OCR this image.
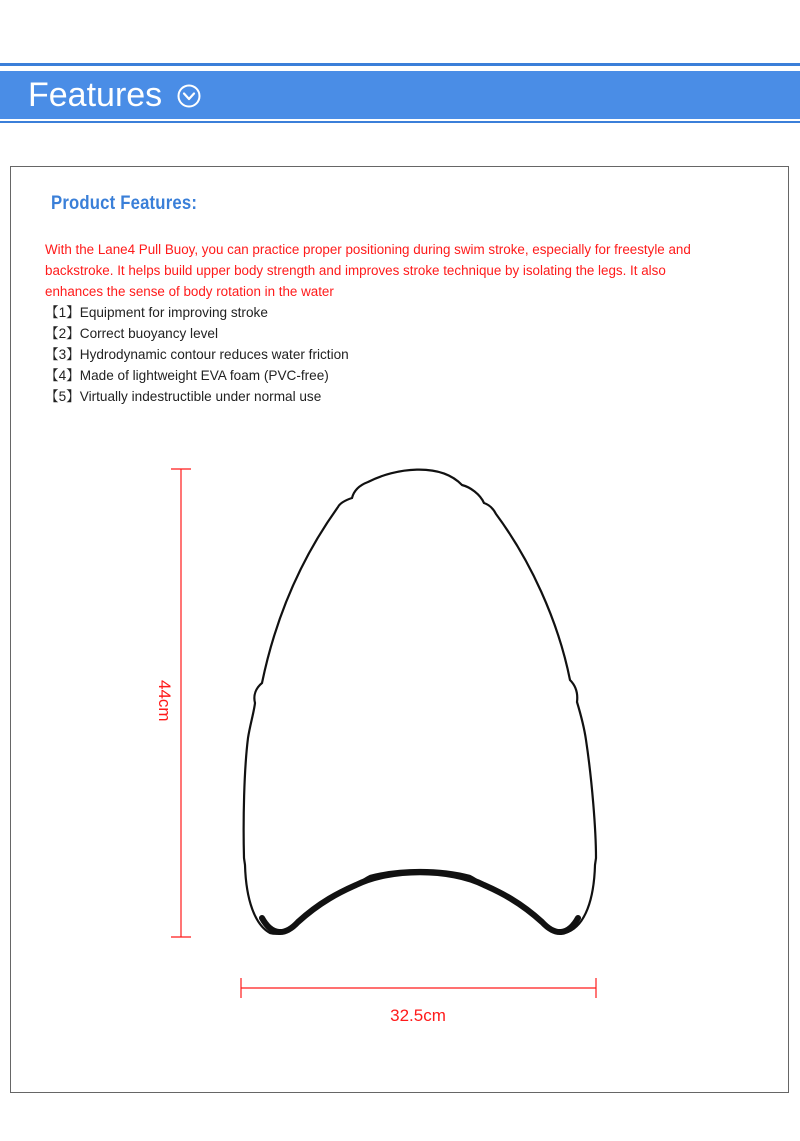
Features
Product Features:

With the Lane4 Pull Buoy, you can practice proper positioning during swim stroke, especially for freestyle and backstroke. It helps build upper body strength and improves stroke technique by isolating the legs. It also enhances the sense of body rotation in the water

【1】Equipment for improving stroke
【2】Correct buoyancy level
【3】Hydrodynamic contour reduces water friction
【4】Made of lightweight EVA foam (PVC-free)
【5】Virtually indestructible under normal use
44cm
32.5cm
